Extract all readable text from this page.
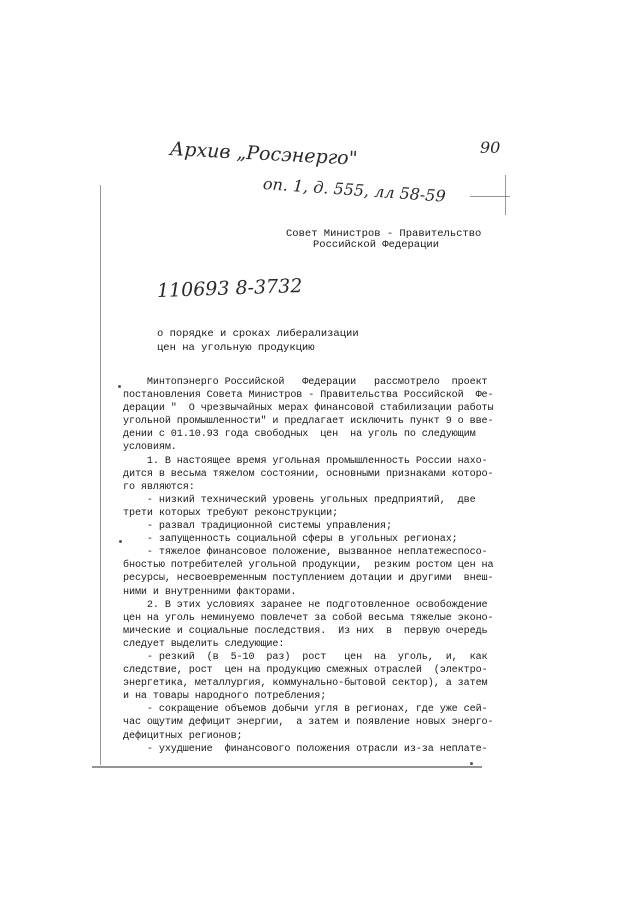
Архив „Росэнерго"
оп. 1, д. 555, лл 58-59
90
Совет Министров - Правительство
Российской Федерации
110693 8-3732
о порядке и сроках либерализации
цен на угольную продукцию
Минтопэнерго Российской   Федерации   рассмотрело  проект
постановления Совета Министров - Правительства Российской  Фе-
дерации "  О чрезвычайных мерах финансовой стабилизации работы
угольной промышленности" и предлагает исключить пункт 9 о вве-
дении с 01.10.93 года свободных  цен  на уголь по следующим
условиям.
1. В настоящее время угольная промышленность России нахо-
дится в весьма тяжелом состоянии, основными признаками которо-
го являются:
- низкий технический уровень угольных предприятий,  две
трети которых требуют реконструкции;
- развал традиционной системы управления;
- запущенность социальной сферы в угольных регионах;
- тяжелое финансовое положение, вызванное неплатежеспосо-
бностью потребителей угольной продукции,  резким ростом цен на
ресурсы, несвоевременным поступлением дотации и другими  внеш-
ними и внутренними факторами.
2. В этих условиях заранее не подготовленное освобождение
цен на уголь неминуемо повлечет за собой весьма тяжелые эконо-
мические и социальные последствия.  Из них  в  первую очередь
следует выделить следующие:
- резкий  (в  5-10  раз)  рост   цен  на  уголь,  и,  как
следствие, рост  цен на продукцию смежных отраслей  (электро-
энергетика, металлургия, коммунально-бытовой сектор), а затем
и на товары народного потребления;
- сокращение объемов добычи угля в регионах, где уже сей-
час ощутим дефицит энергии,  а затем и появление новых энерго-
дефицитных регионов;
- ухудшение  финансового положения отрасли из-за неплате-
